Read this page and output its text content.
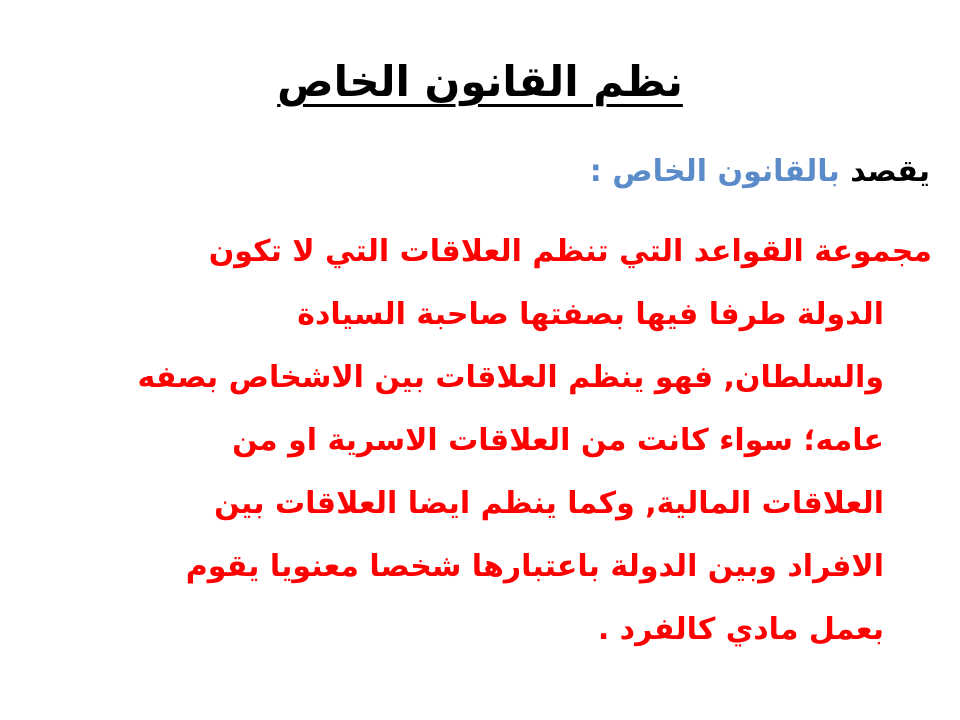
نظم القانون الخاص
يقصد بالقانون الخاص :
مجموعة القواعد التي تنظم العلاقات التي لا تكون
الدولة طرفا فيها بصفتها صاحبة السيادة
والسلطان, فهو ينظم العلاقات بين الاشخاص بصفه
عامه؛ سواء كانت من العلاقات الاسرية او من
العلاقات المالية, وكما ينظم ايضا العلاقات بين
الافراد وبين الدولة باعتبارها شخصا معنويا يقوم
بعمل مادي كالفرد .
